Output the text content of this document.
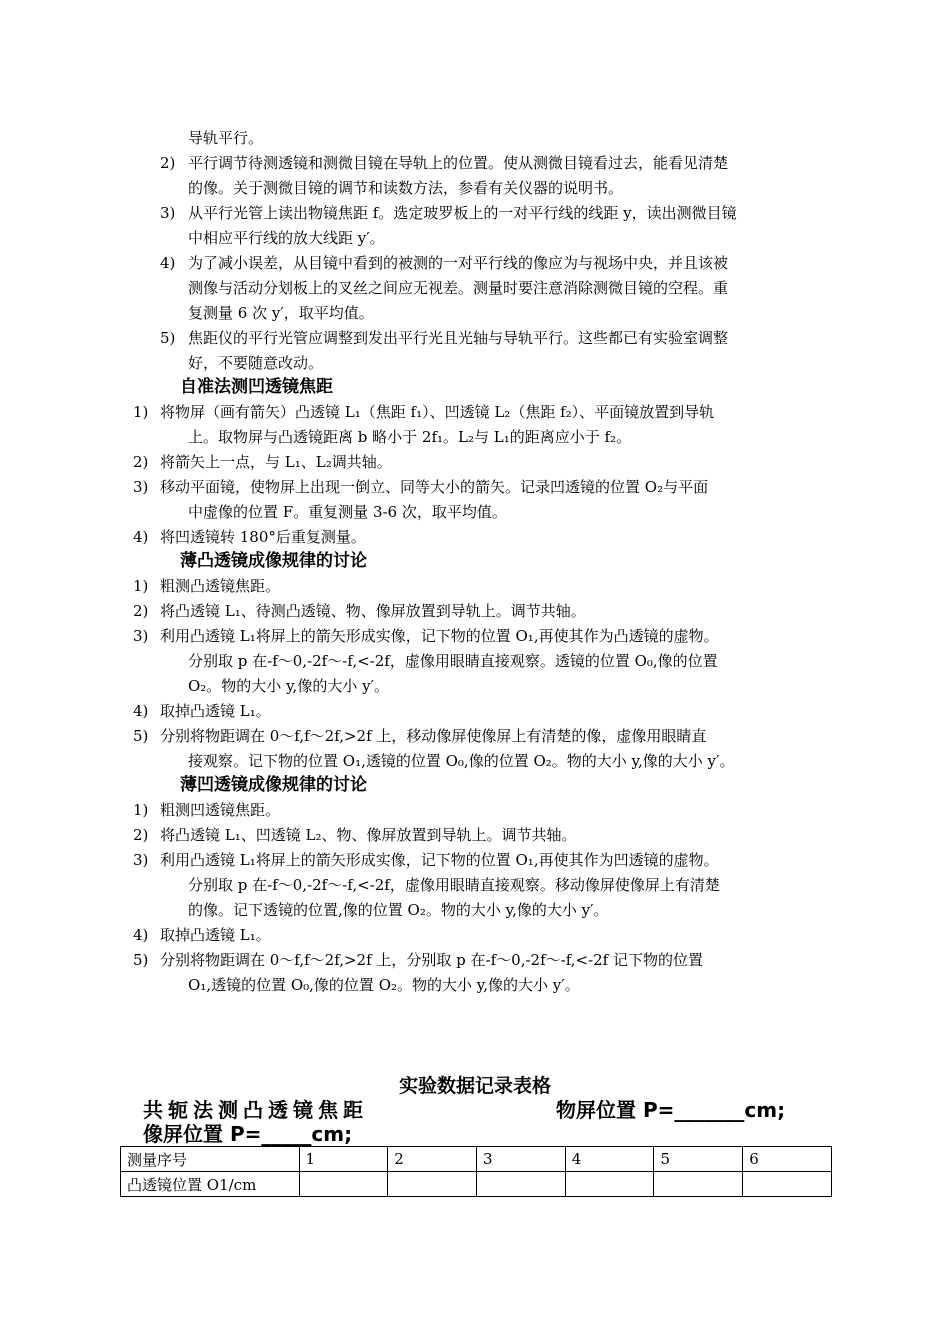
导轨平行。
2) 平行调节待测透镜和测微目镜在导轨上的位置。使从测微目镜看过去，能看见清楚
的像。关于测微目镜的调节和读数方法，参看有关仪器的说明书。
3) 从平行光管上读出物镜焦距 f。选定玻罗板上的一对平行线的线距 y，读出测微目镜
中相应平行线的放大线距 y′。
4) 为了减小误差，从目镜中看到的被测的一对平行线的像应为与视场中央，并且该被
测像与活动分划板上的叉丝之间应无视差。测量时要注意消除测微目镜的空程。重
复测量 6 次 y′，取平均值。
5) 焦距仪的平行光管应调整到发出平行光且光轴与导轨平行。这些都已有实验室调整
好，不要随意改动。
自准法测凹透镜焦距
1) 将物屏（画有箭矢）凸透镜 L₁（焦距 f₁）、凹透镜 L₂（焦距 f₂）、平面镜放置到导轨
上。取物屏与凸透镜距离 b 略小于 2f₁。L₂与 L₁的距离应小于 f₂。
2) 将箭矢上一点，与 L₁、L₂调共轴。
3) 移动平面镜，使物屏上出现一倒立、同等大小的箭矢。记录凹透镜的位置 O₂与平面
中虚像的位置 F。重复测量 3-6 次，取平均值。
4) 将凹透镜转 180°后重复测量。
薄凸透镜成像规律的讨论
1) 粗测凸透镜焦距。
2) 将凸透镜 L₁、待测凸透镜、物、像屏放置到导轨上。调节共轴。
3) 利用凸透镜 L₁将屏上的箭矢形成实像，记下物的位置 O₁,再使其作为凸透镜的虚物。
分别取 p 在-f～0,-2f～-f,<-2f，虚像用眼睛直接观察。透镜的位置 O₀,像的位置
O₂。物的大小 y,像的大小 y′。
4) 取掉凸透镜 L₁。
5) 分别将物距调在 0～f,f～2f,>2f 上，移动像屏使像屏上有清楚的像，虚像用眼睛直
接观察。记下物的位置 O₁,透镜的位置 O₀,像的位置 O₂。物的大小 y,像的大小 y′。
薄凹透镜成像规律的讨论
1) 粗测凹透镜焦距。
2) 将凸透镜 L₁、凹透镜 L₂、物、像屏放置到导轨上。调节共轴。
3) 利用凸透镜 L₁将屏上的箭矢形成实像，记下物的位置 O₁,再使其作为凹透镜的虚物。
分别取 p 在-f～0,-2f～-f,<-2f，虚像用眼睛直接观察。移动像屏使像屏上有清楚
的像。记下透镜的位置,像的位置 O₂。物的大小 y,像的大小 y′。
4) 取掉凸透镜 L₁。
5) 分别将物距调在 0～f,f～2f,>2f 上，分别取 p 在-f～0,-2f～-f,<-2f 记下物的位置
O₁,透镜的位置 O₀,像的位置 O₂。物的大小 y,像的大小 y′。
实验数据记录表格
共轭法测凸透镜焦距	物屏位置 P=_______cm;
像屏位置 P=_____cm;
测量序号	1	2	3	4	5	6
凸透镜位置 O1/cm						
